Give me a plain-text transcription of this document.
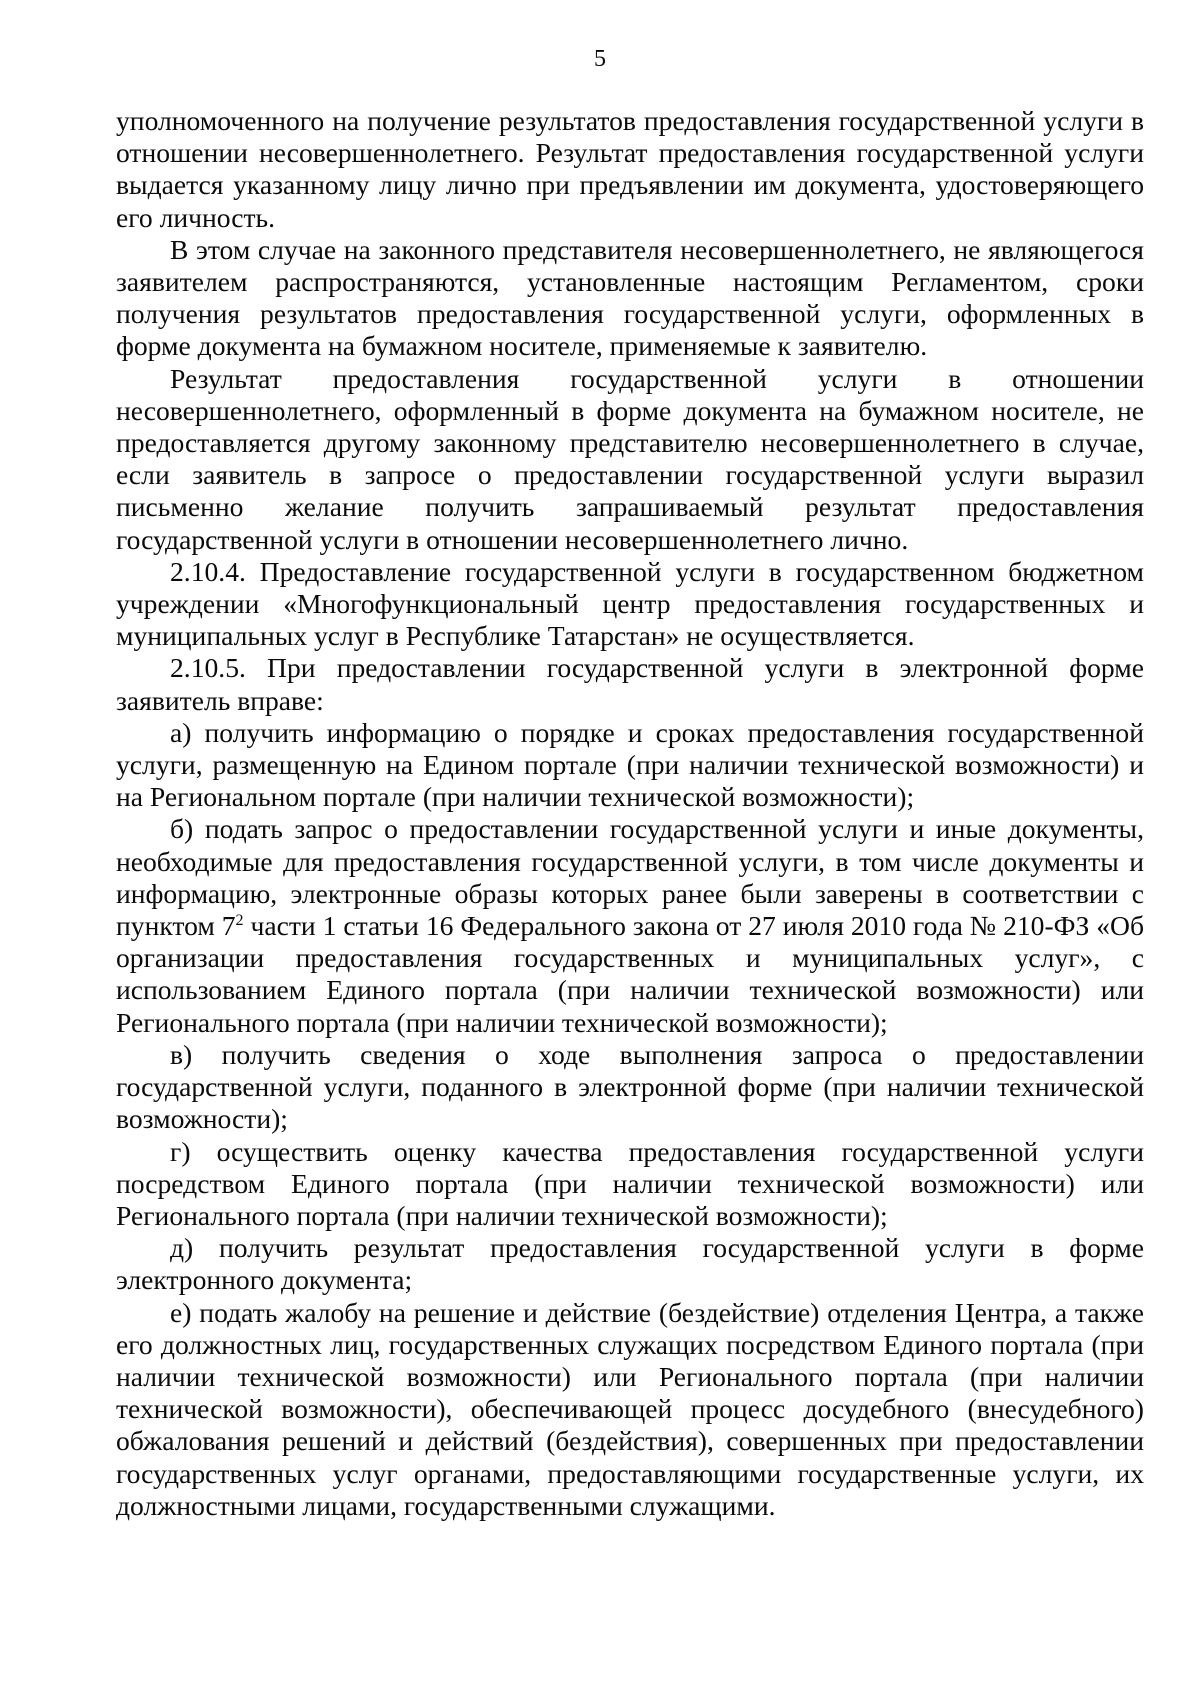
5

уполномоченного на получение результатов предоставления государственной услуги в отношении несовершеннолетнего. Результат предоставления государственной услуги выдается указанному лицу лично при предъявлении им документа, удостоверяющего его личность.

В этом случае на законного представителя несовершеннолетнего, не являющегося заявителем распространяются, установленные настоящим Регламентом, сроки получения результатов предоставления государственной услуги, оформленных в форме документа на бумажном носителе, применяемые к заявителю.

Результат предоставления государственной услуги в отношении несовершеннолетнего, оформленный в форме документа на бумажном носителе, не предоставляется другому законному представителю несовершеннолетнего в случае, если заявитель в запросе о предоставлении государственной услуги выразил письменно желание получить запрашиваемый результат предоставления государственной услуги в отношении несовершеннолетнего лично.

2.10.4. Предоставление государственной услуги в государственном бюджетном учреждении «Многофункциональный центр предоставления государственных и муниципальных услуг в Республике Татарстан» не осуществляется.

2.10.5. При предоставлении государственной услуги в электронной форме заявитель вправе:

а) получить информацию о порядке и сроках предоставления государственной услуги, размещенную на Едином портале (при наличии технической возможности) и на Региональном портале (при наличии технической возможности);

б) подать запрос о предоставлении государственной услуги и иные документы, необходимые для предоставления государственной услуги, в том числе документы и информацию, электронные образы которых ранее были заверены в соответствии с пунктом $7^2$ части 1 статьи 16 Федерального закона от 27 июля 2010 года № 210-ФЗ «Об организации предоставления государственных и муниципальных услуг», с использованием Единого портала (при наличии технической возможности) или Регионального портала (при наличии технической возможности);

в) получить сведения о ходе выполнения запроса о предоставлении государственной услуги, поданного в электронной форме (при наличии технической возможности);

г) осуществить оценку качества предоставления государственной услуги посредством Единого портала (при наличии технической возможности) или Регионального портала (при наличии технической возможности);

д) получить результат предоставления государственной услуги в форме электронного документа;

е) подать жалобу на решение и действие (бездействие) отделения Центра, а также его должностных лиц, государственных служащих посредством Единого портала (при наличии технической возможности) или Регионального портала (при наличии технической возможности), обеспечивающей процесс досудебного (внесудебного) обжалования решений и действий (бездействия), совершенных при предоставлении государственных услуг органами, предоставляющими государственные услуги, их должностными лицами, государственными служащими.
